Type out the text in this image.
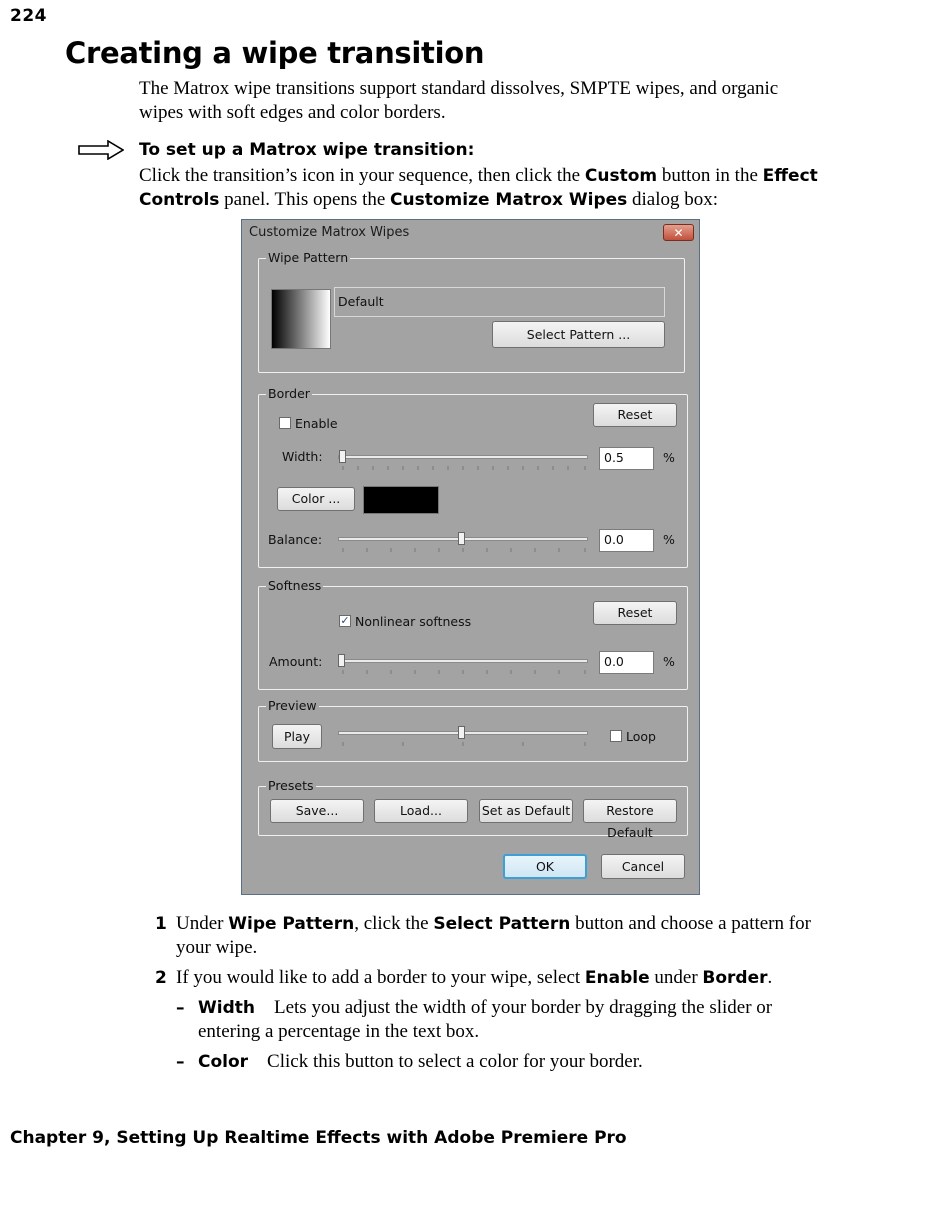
224
Creating a wipe transition
The Matrox wipe transitions support standard dissolves, SMPTE wipes, and organic wipes with soft edges and color borders.
To set up a Matrox wipe transition:
Click the transition’s icon in your sequence, then click the Custom button in the Effect Controls panel. This opens the Customize Matrox Wipes dialog box:
Customize Matrox Wipes	✕
Wipe Pattern
Default
Select Pattern ...
Border
Enable
Reset
Width:	0.5	%
Color ...
Balance:	0.0	%
Softness
✓ Nonlinear softness
Reset
Amount:	0.0	%
Preview
Play	Loop
Presets
Save...	Load...	Set as Default	Restore Default
OK	Cancel
1 Under Wipe Pattern, click the Select Pattern button and choose a pattern for your wipe.
2 If you would like to add a border to your wipe, select Enable under Border.
– Width Lets you adjust the width of your border by dragging the slider or entering a percentage in the text box.
– Color Click this button to select a color for your border.
Chapter 9, Setting Up Realtime Effects with Adobe Premiere Pro
